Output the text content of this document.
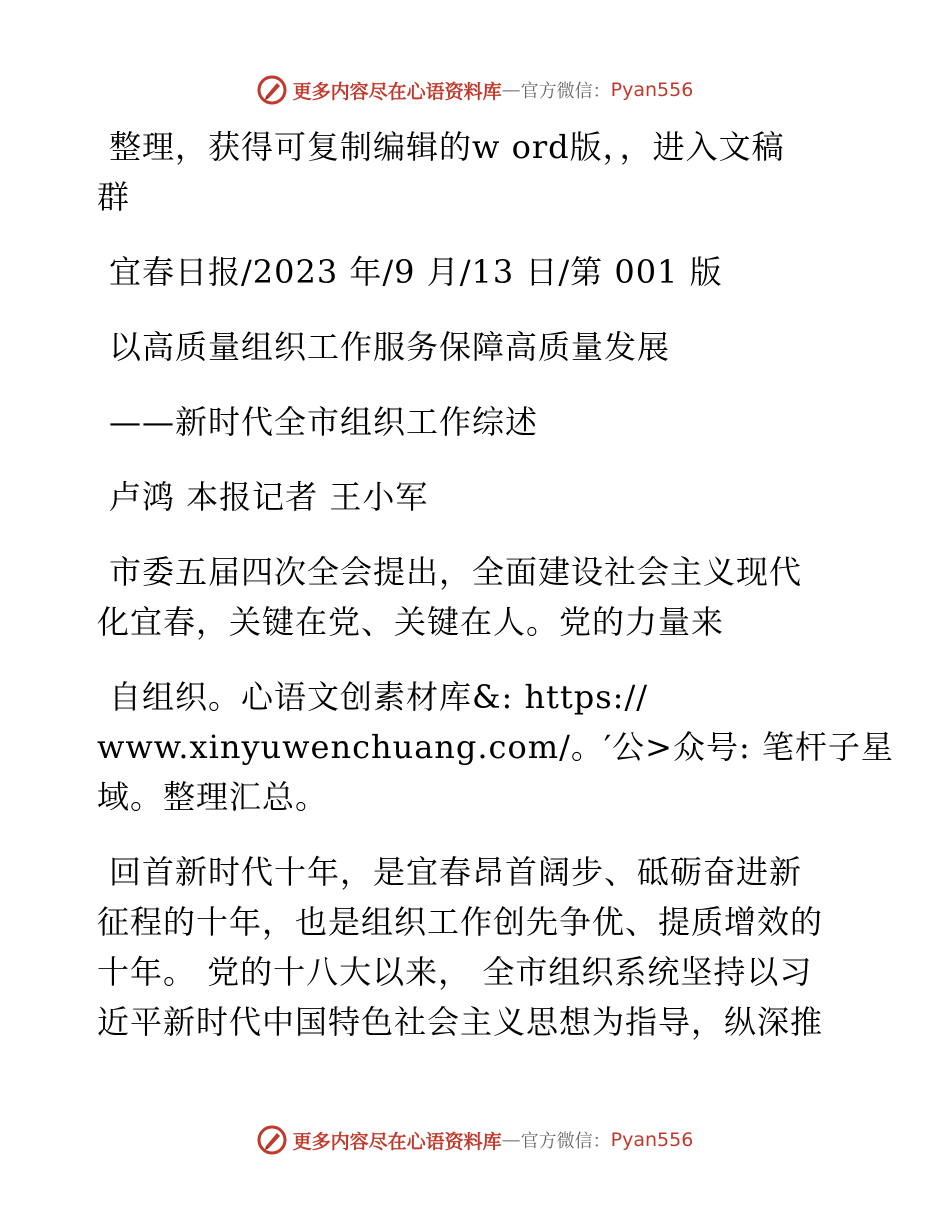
更多内容尽在心语资料库 — 官方微信： Pyan556
整理，获得可复制编辑的w ord版，，进入文稿
群
宜春日报/2023 年/9 月/13 日/第 001 版
以高质量组织工作服务保障高质量发展
——新时代全市组织工作综述
卢鸿 本报记者 王小军
市委五届四次全会提出，全面建设社会主义现代
化宜春，关键在党、关键在人。党的力量来
自组织。心语文创素材库&: https://
www.xinyuwenchuang.com/。′公>众号: 笔杆子星
域。整理汇总。
回首新时代十年，是宜春昂首阔步、砥砺奋进新
征程的十年，也是组织工作创先争优、提质增效的
十年。 党的十八大以来， 全市组织系统坚持以习
近平新时代中国特色社会主义思想为指导，纵深推
更多内容尽在心语资料库 — 官方微信： Pyan556
